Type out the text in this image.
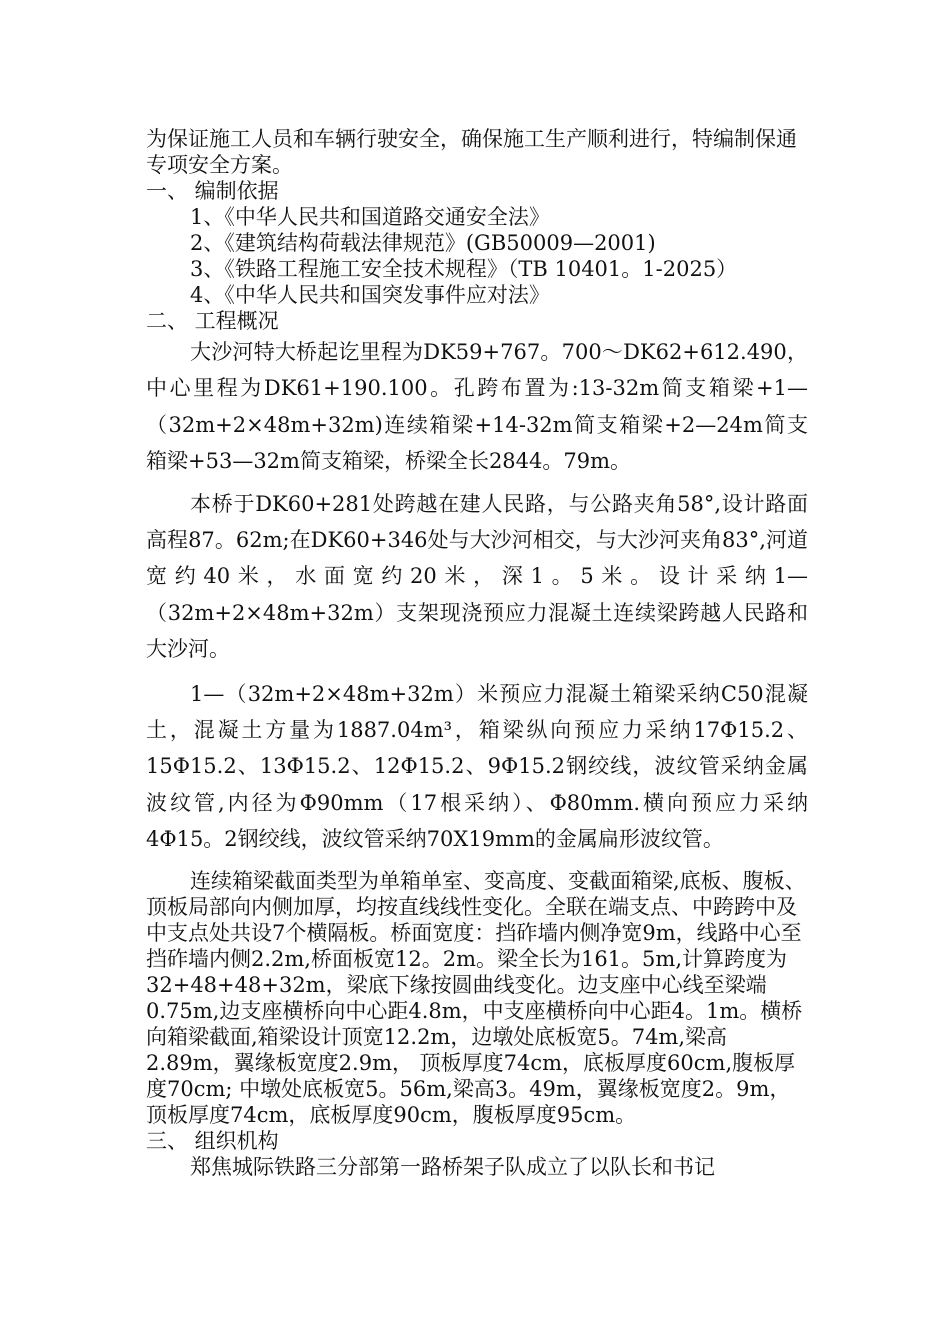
为保证施工人员和车辆行驶安全，确保施工生产顺利进行，特编制保通专项安全方案。

一、 编制依据

1、《中华人民共和国道路交通安全法》

2、《建筑结构荷载法律规范》(GB50009—2001)

3、《铁路工程施工安全技术规程》（TB 10401。1-2025）

4、《中华人民共和国突发事件应对法》

二、 工程概况

大沙河特大桥起讫里程为DK59+767。700～DK62+612.490，中心里程为DK61+190.100。孔跨布置为:13-32m简支箱梁+1—（32m+2×48m+32m)连续箱梁+14-32m简支箱梁+2—24m简支箱梁+53—32m简支箱梁，桥梁全长2844。79m。

本桥于DK60+281处跨越在建人民路，与公路夹角58°,设计路面高程87。62m;在DK60+346处与大沙河相交，与大沙河夹角83°,河道宽约40米，水面宽约20米，深1。5米。设计采纳1—（32m+2×48m+32m）支架现浇预应力混凝土连续梁跨越人民路和大沙河。

1—（32m+2×48m+32m）米预应力混凝土箱梁采纳C50混凝土，混凝土方量为1887.04m³，箱梁纵向预应力采纳17Φ15.2、15Φ15.2、13Φ15.2、12Φ15.2、9Φ15.2钢绞线，波纹管采纳金属波纹管,内径为Φ90mm（17根采纳）、Φ80mm.横向预应力采纳4Φ15。2钢绞线，波纹管采纳70X19mm的金属扁形波纹管。

连续箱梁截面类型为单箱单室、变高度、变截面箱梁,底板、腹板、顶板局部向内侧加厚，均按直线线性变化。全联在端支点、中跨跨中及中支点处共设7个横隔板。桥面宽度：挡砟墙内侧净宽9m，线路中心至挡砟墙内侧2.2m,桥面板宽12。2m。梁全长为161。5m,计算跨度为32+48+48+32m，梁底下缘按圆曲线变化。边支座中心线至梁端0.75m,边支座横桥向中心距4.8m，中支座横桥向中心距4。1m。横桥向箱梁截面,箱梁设计顶宽12.2m，边墩处底板宽5。74m,梁高2.89m，翼缘板宽度2.9m， 顶板厚度74cm，底板厚度60cm,腹板厚度70cm; 中墩处底板宽5。56m,梁高3。49m，翼缘板宽度2。9m， 顶板厚度74cm，底板厚度90cm，腹板厚度95cm。

三、 组织机构

郑焦城际铁路三分部第一路桥架子队成立了以队长和书记
